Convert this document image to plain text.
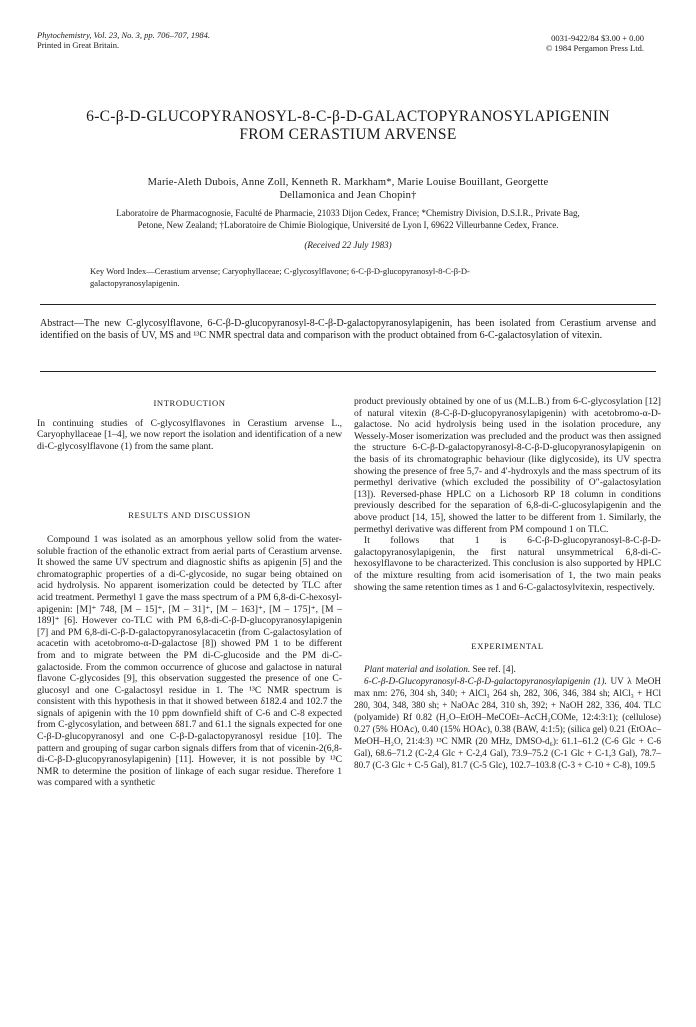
Phytochemistry, Vol. 23, No. 3, pp. 706–707, 1984.
Printed in Great Britain.
0031-9422/84 $3.00 + 0.00
© 1984 Pergamon Press Ltd.
6-C-β-D-GLUCOPYRANOSYL-8-C-β-D-GALACTOPYRANOSYLAPIGENIN
FROM CERASTIUM ARVENSE
Marie-Aleth Dubois, Anne Zoll, Kenneth R. Markham*, Marie Louise Bouillant, Georgette
Dellamonica and Jean Chopin†
Laboratoire de Pharmacognosie, Faculté de Pharmacie, 21033 Dijon Cedex, France; *Chemistry Division, D.S.I.R., Private Bag,
Petone, New Zealand; †Laboratoire de Chimie Biologique, Université de Lyon I, 69622 Villeurbanne Cedex, France.
(Received 22 July 1983)
Key Word Index—Cerastium arvense; Caryophyllaceae; C-glycosylflavone; 6-C-β-D-glucopyranosyl-8-C-β-D-
galactopyranosylapigenin.
Abstract—The new C-glycosylflavone, 6-C-β-D-glucopyranosyl-8-C-β-D-galactopyranosylapigenin, has been isolated from Cerastium arvense and identified on the basis of UV, MS and ¹³C NMR spectral data and comparison with the product obtained from 6-C-galactosylation of vitexin.
INTRODUCTION

In continuing studies of C-glycosylflavones in Cerastium arvense L., Caryophyllaceae [1–4], we now report the isolation and identification of a new di-C-glycosylflavone (1) from the same plant.

RESULTS AND DISCUSSION

Compound 1 was isolated as an amorphous yellow solid from the water-soluble fraction of the ethanolic extract from aerial parts of Cerastium arvense. It showed the same UV spectrum and diagnostic shifts as apigenin [5] and the chromatographic properties of a di-C-glycoside, no sugar being obtained on acid hydrolysis. No apparent isomerization could be detected by TLC after acid treatment. Permethyl 1 gave the mass spectrum of a PM 6,8-di-C-hexosyl-apigenin: [M]⁺ 748, [M – 15]⁺, [M – 31]⁺, [M – 163]⁺, [M – 175]⁺, [M – 189]⁺ [6]. However co-TLC with PM 6,8-di-C-β-D-glucopyranosylapigenin [7] and PM 6,8-di-C-β-D-galactopyranosylacacetin (from C-galactosylation of acacetin with acetobromo-α-D-galactose [8]) showed PM 1 to be different from and to migrate between the PM di-C-glucoside and the PM di-C-galactoside. From the common occurrence of glucose and galactose in natural flavone C-glycosides [9], this observation suggested the presence of one C-glucosyl and one C-galactosyl residue in 1. The ¹³C NMR spectrum is consistent with this hypothesis in that it showed between δ182.4 and 102.7 the signals of apigenin with the 10 ppm downfield shift of C-6 and C-8 expected from C-glycosylation, and between δ81.7 and 61.1 the signals expected for one C-β-D-glucopyranosyl and one C-β-D-galactopyranosyl residue [10]. The pattern and grouping of sugar carbon signals differs from that of vicenin-2(6,8-di-C-β-D-glucopyranosylapigenin) [11]. However, it is not possible by ¹³C NMR to determine the position of linkage of each sugar residue. Therefore 1 was compared with a synthetic

product previously obtained by one of us (M.L.B.) from 6-C-glycosylation [12] of natural vitexin (8-C-β-D-glucopyranosylapigenin) with acetobromo-α-D-galactose. No acid hydrolysis being used in the isolation procedure, any Wessely-Moser isomerization was precluded and the product was then assigned the structure 6-C-β-D-galactopyranosyl-8-C-β-D-glucopyranosylapigenin on the basis of its chromatographic behaviour (like diglycoside), its UV spectra showing the presence of free 5,7- and 4′-hydroxyls and the mass spectrum of its permethyl derivative (which excluded the possibility of O″-galactosylation [13]). Reversed-phase HPLC on a Lichosorb RP 18 column in conditions previously described for the separation of 6,8-di-C-glucosylapigenin and the above product [14, 15], showed the latter to be different from 1. Similarly, the permethyl derivative was different from PM compound 1 on TLC.

It follows that 1 is 6-C-β-D-glucopyranosyl-8-C-β-D-galactopyranosylapigenin, the first natural unsymmetrical 6,8-di-C-hexosylflavone to be characterized. This conclusion is also supported by HPLC of the mixture resulting from acid isomerisation of 1, the two main peaks showing the same retention times as 1 and 6-C-galactosylvitexin, respectively.

EXPERIMENTAL

Plant material and isolation. See ref. [4].

6-C-β-D-Glucopyranosyl-8-C-β-D-galactopyranosylapigenin (1). UV λ MeOH max nm: 276, 304 sh, 340; + AlCl₃ 264 sh, 282, 306, 346, 384 sh; AlCl₃ + HCl 280, 304, 348, 380 sh; + NaOAc 284, 310 sh, 392; + NaOH 282, 336, 404. TLC (polyamide) Rf 0.82 (H₂O–EtOH–MeCOEt–AcCH₂COMe, 12:4:3:1); (cellulose) 0.27 (5% HOAc), 0.40 (15% HOAc), 0.38 (BAW, 4:1:5); (silica gel) 0.21 (EtOAc–MeOH–H₂O, 21:4:3) ¹³C NMR (20 MHz, DMSO-d₆): 61.1–61.2 (C-6 Glc + C-6 Gal), 68.6–71.2 (C-2,4 Glc + C-2,4 Gal), 73.9–75.2 (C-1 Glc + C-1,3 Gal), 78.7–80.7 (C-3 Glc + C-5 Gal), 81.7 (C-5 Glc), 102.7–103.8 (C-3 + C-10 + C-8), 109.5
